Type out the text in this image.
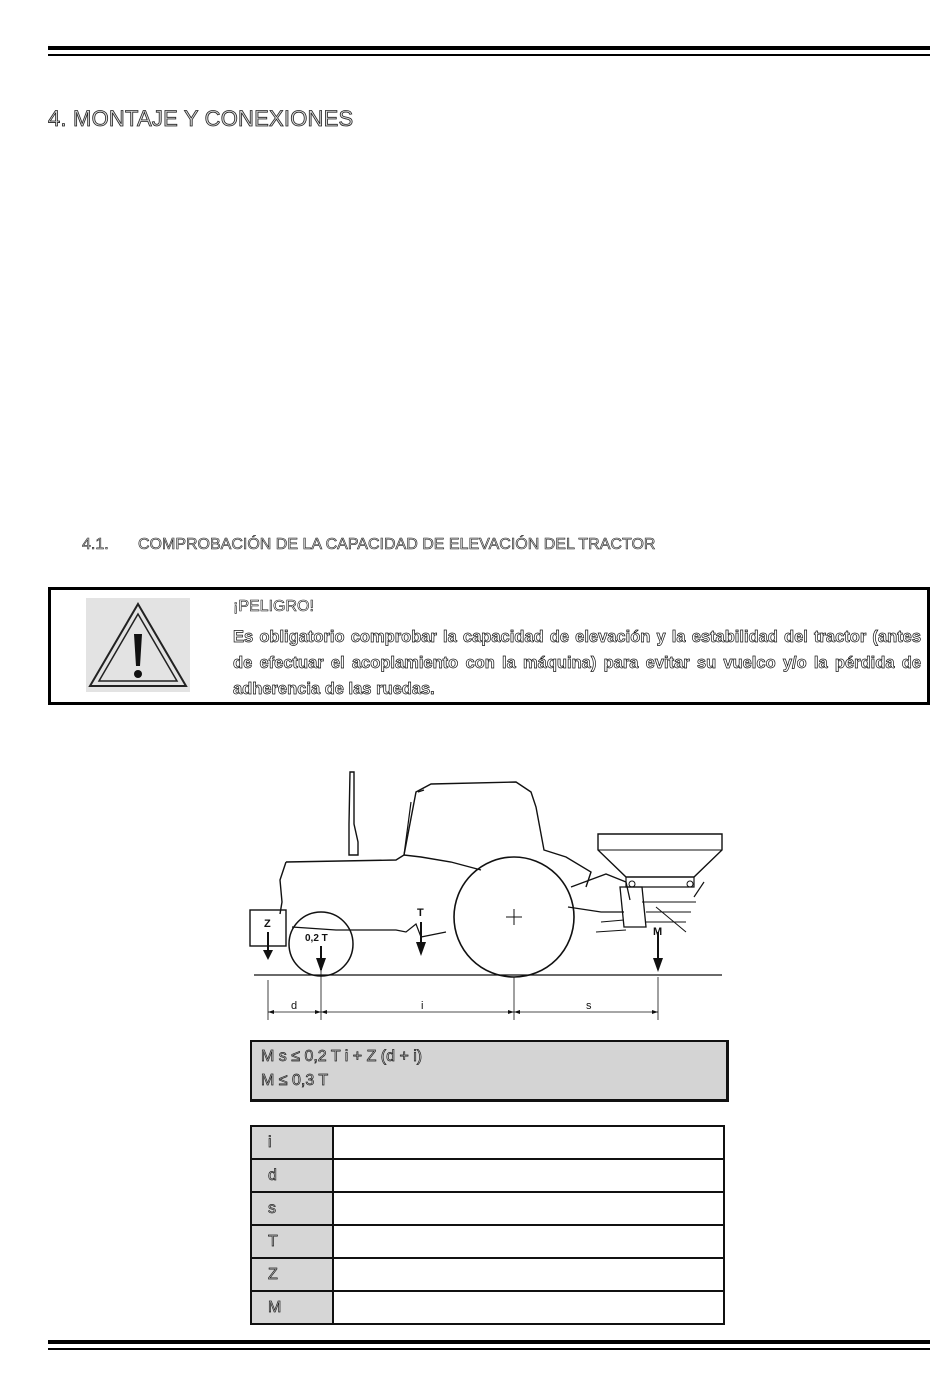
4. MONTAJE Y CONEXIONES
4.1. COMPROBACIÓN DE LA CAPACIDAD DE ELEVACIÓN DEL TRACTOR
¡PELIGRO!
Es obligatorio comprobar la capacidad de elevación y la estabilidad del tractor (antes de efectuar el acoplamiento con la máquina) para evitar su vuelco y/o la pérdida de adherencia de las ruedas.
Z
0,2 T
T
M
d	i	s
M s ≤ 0,2 T i + Z (d + i)
M ≤ 0,3 T
i	
d	
s	
T	
Z	
M	
